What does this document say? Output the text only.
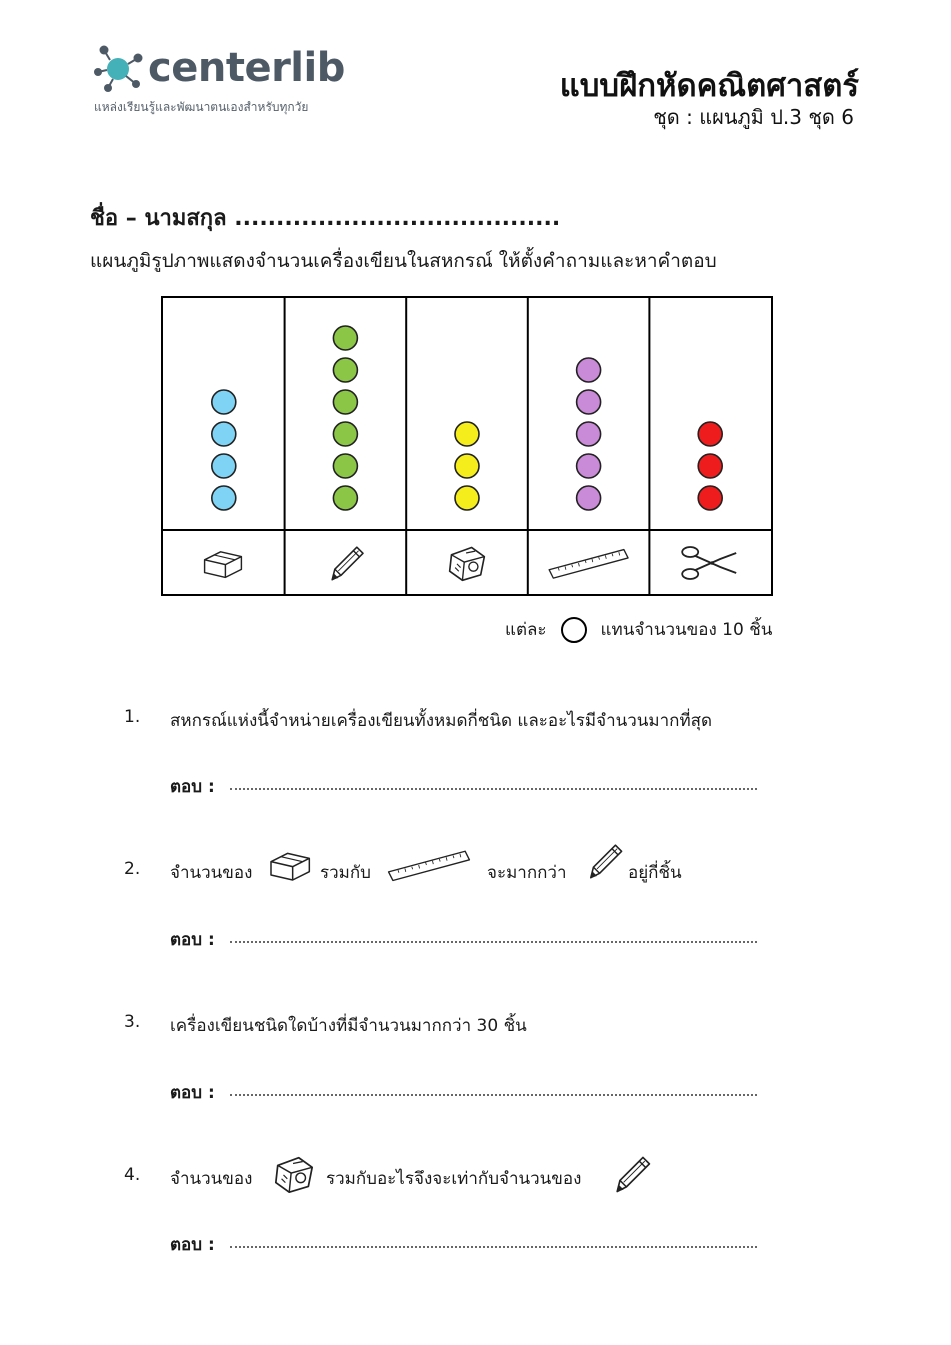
centerlib
แหล่งเรียนรู้และพัฒนาตนเองสำหรับทุกวัย
แบบฝึกหัดคณิตศาสตร์
ชุด : แผนภูมิ ป.3 ชุด 6
ชื่อ – นามสกุล .......................................
แผนภูมิรูปภาพแสดงจำนวนเครื่องเขียนในสหกรณ์ ให้ตั้งคำถามและหาคำตอบ
แต่ละ	แทนจำนวนของ 10 ชิ้น
1. สหกรณ์แห่งนี้จำหน่ายเครื่องเขียนทั้งหมดกี่ชนิด และอะไรมีจำนวนมากที่สุด
ตอบ :
2. จำนวนของ	รวมกับ	จะมากกว่า	อยู่กี่ชิ้น
ตอบ :
3. เครื่องเขียนชนิดใดบ้างที่มีจำนวนมากกว่า 30 ชิ้น
ตอบ :
4. จำนวนของ	รวมกับอะไรจึงจะเท่ากับจำนวนของ
ตอบ :
